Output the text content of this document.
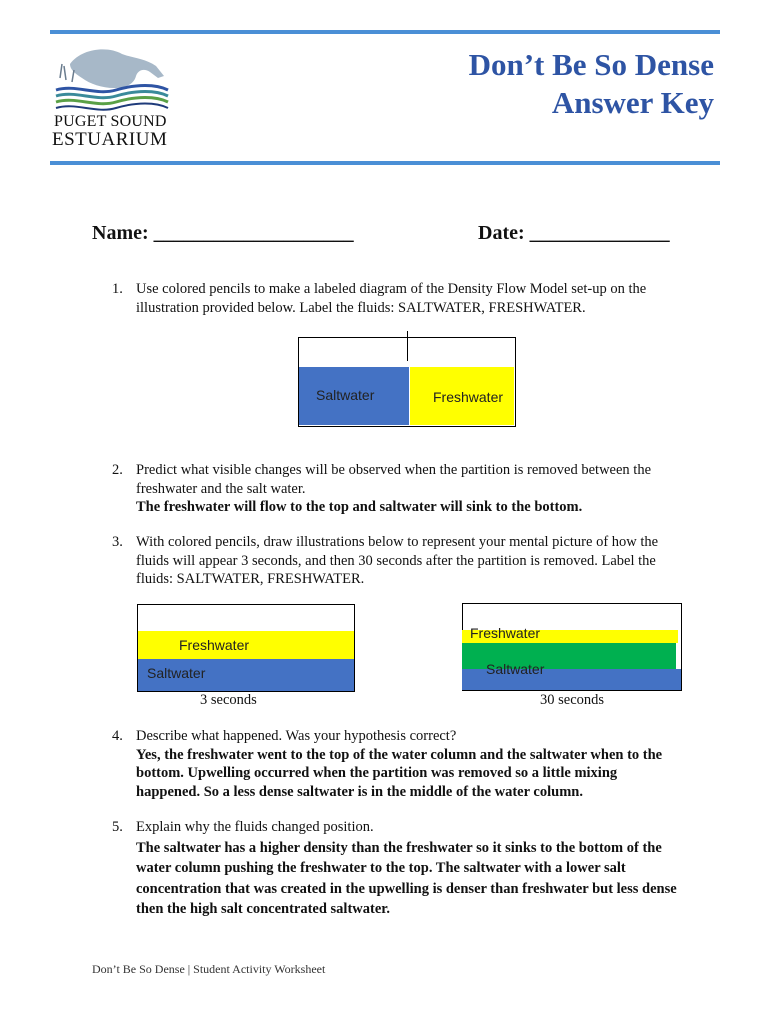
PUGET SOUND
ESTUARIUM
Don’t Be So Dense
Answer Key
Name: ____________________	Date: ______________
1. Use colored pencils to make a labeled diagram of the Density Flow Model set-up on the illustration provided below. Label the fluids: SALTWATER, FRESHWATER.
Saltwater	Freshwater
2. Predict what visible changes will be observed when the partition is removed between the freshwater and the salt water.
The freshwater will flow to the top and saltwater will sink to the bottom.
3. With colored pencils, draw illustrations below to represent your mental picture of how the fluids will appear 3 seconds, and then 30 seconds after the partition is removed. Label the fluids: SALTWATER, FRESHWATER.
Freshwater
Saltwater
3 seconds
Freshwater
Saltwater
30 seconds
4. Describe what happened. Was your hypothesis correct?
Yes, the freshwater went to the top of the water column and the saltwater when to the bottom. Upwelling occurred when the partition was removed so a little mixing happened. So a less dense saltwater is in the middle of the water column.
5. Explain why the fluids changed position.
The saltwater has a higher density than the freshwater so it sinks to the bottom of the water column pushing the freshwater to the top. The saltwater with a lower salt concentration that was created in the upwelling is denser than freshwater but less dense then the high salt concentrated saltwater.
Don’t Be So Dense | Student Activity Worksheet
